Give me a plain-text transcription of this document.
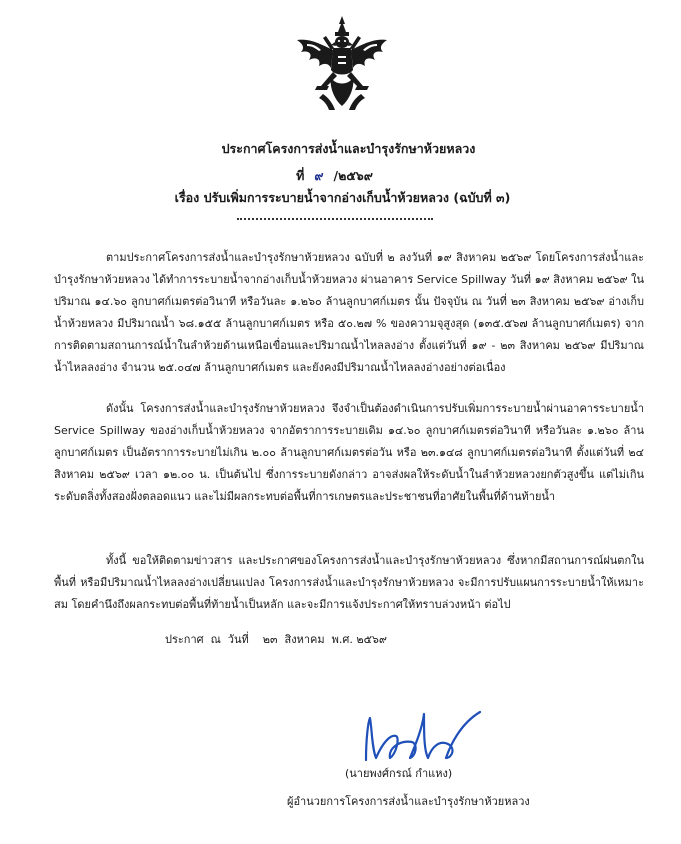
ประกาศโครงการส่งน้ำและบำรุงรักษาห้วยหลวง
ที่ ๙ /๒๕๖๙
เรื่อง ปรับเพิ่มการระบายน้ำจากอ่างเก็บน้ำห้วยหลวง (ฉบับที่ ๓)
ตามประกาศโครงการส่งน้ำและบำรุงรักษาห้วยหลวง ฉบับที่ ๒ ลงวันที่ ๑๙ สิงหาคม ๒๕๖๙ โดยโครงการส่งน้ำและบำรุงรักษาห้วยหลวง ได้ทำการระบายน้ำจากอ่างเก็บน้ำห้วยหลวง ผ่านอาคาร Service Spillway วันที่ ๑๙ สิงหาคม ๒๕๖๙ ในปริมาณ ๑๔.๖๐ ลูกบาศก์เมตรต่อวินาที หรือวันละ ๑.๒๖๐ ล้านลูกบาศก์เมตร นั้น ปัจจุบัน ณ วันที่ ๒๓ สิงหาคม ๒๕๖๙ อ่างเก็บน้ำห้วยหลวง มีปริมาณน้ำ ๖๘.๑๕๕ ล้านลูกบาศก์เมตร หรือ ๕๐.๒๗ % ของความจุสูงสุด (๑๓๕.๕๖๗ ล้านลูกบาศก์เมตร) จากการติดตามสถานการณ์น้ำในลำห้วยด้านเหนือเขื่อนและปริมาณน้ำไหลลงอ่าง ตั้งแต่วันที่ ๑๙ - ๒๓ สิงหาคม ๒๕๖๙ มีปริมาณน้ำไหลลงอ่าง จำนวน ๒๕.๐๔๗ ล้านลูกบาศก์เมตร และยังคงมีปริมาณน้ำไหลลงอ่างอย่างต่อเนื่อง
ดังนั้น โครงการส่งน้ำและบำรุงรักษาห้วยหลวง จึงจำเป็นต้องดำเนินการปรับเพิ่มการระบายน้ำผ่านอาคารระบายน้ำ Service Spillway ของอ่างเก็บน้ำห้วยหลวง จากอัตราการระบายเดิม ๑๔.๖๐ ลูกบาศก์เมตรต่อวินาที หรือวันละ ๑.๒๖๐ ล้านลูกบาศก์เมตร เป็นอัตราการระบายไม่เกิน ๒.๐๐ ล้านลูกบาศก์เมตรต่อวัน หรือ ๒๓.๑๔๘ ลูกบาศก์เมตรต่อวินาที ตั้งแต่วันที่ ๒๔ สิงหาคม ๒๕๖๙ เวลา ๑๒.๐๐ น. เป็นต้นไป ซึ่งการระบายดังกล่าว อาจส่งผลให้ระดับน้ำในลำห้วยหลวงยกตัวสูงขึ้น แต่ไม่เกินระดับตลิ่งทั้งสองฝั่งตลอดแนว และไม่มีผลกระทบต่อพื้นที่การเกษตรและประชาชนที่อาศัยในพื้นที่ด้านท้ายน้ำ
ทั้งนี้ ขอให้ติดตามข่าวสาร และประกาศของโครงการส่งน้ำและบำรุงรักษาห้วยหลวง ซึ่งหากมีสถานการณ์ฝนตกในพื้นที่ หรือมีปริมาณน้ำไหลลงอ่างเปลี่ยนแปลง โครงการส่งน้ำและบำรุงรักษาห้วยหลวง จะมีการปรับแผนการระบายน้ำให้เหมาะสม โดยคำนึงถึงผลกระทบต่อพื้นที่ท้ายน้ำเป็นหลัก และจะมีการแจ้งประกาศให้ทราบล่วงหน้า ต่อไป
ประกาศ  ณ  วันที่    ๒๓  สิงหาคม  พ.ศ. ๒๕๖๙
(นายพงศ์กรณ์ กำแหง)
ผู้อำนวยการโครงการส่งน้ำและบำรุงรักษาห้วยหลวง
